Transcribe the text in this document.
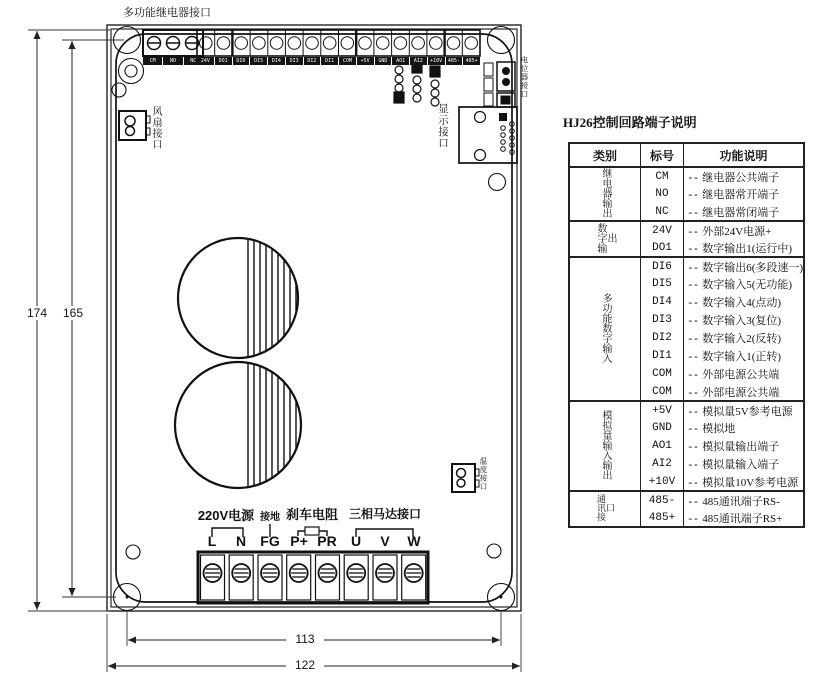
多功能继电器接口
CM	NO	NC 24V	DO1	DI6	DI5	DI4	DI3	DI2	DI1	COM	+5V	GND	AO1	AI2	+10V	485-	485+
风扇接口	显示接口
电位器接口
温度接口
220V电源 接地 刹车电阻 三相马达接口
L	N	FG P+ PR	U	V	W
174	165
113
122
HJ26控制回路端子说明
类别	标号	功能说明
继电器输出	CM	-- 继电器公共端子
	NO	-- 继电器常开端子
	NC	-- 继电器常闭端子
数字输出	24V	-- 外部24V电源+
	DO1	-- 数字输出1(运行中)
多功能数字输入	DI6	-- 数字输出6(多段速一)
	DI5	-- 数字输入5(无功能)
	DI4	-- 数字输入4(点动)
	DI3	-- 数字输入3(复位)
	DI2	-- 数字输入2(反转)
	DI1	-- 数字输入1(正转)
	COM	-- 外部电源公共端
	COM	-- 外部电源公共端
模拟量输入输出	+5V	-- 模拟量5V参考电源
	GND	-- 模拟地
	AO1	-- 模拟量输出端子
	AI2	-- 模拟量输入端子
	+10V	-- 模拟量10V参考电源
通讯接口	485-	-- 485通讯端子RS-
	485+	-- 485通讯端子RS+
